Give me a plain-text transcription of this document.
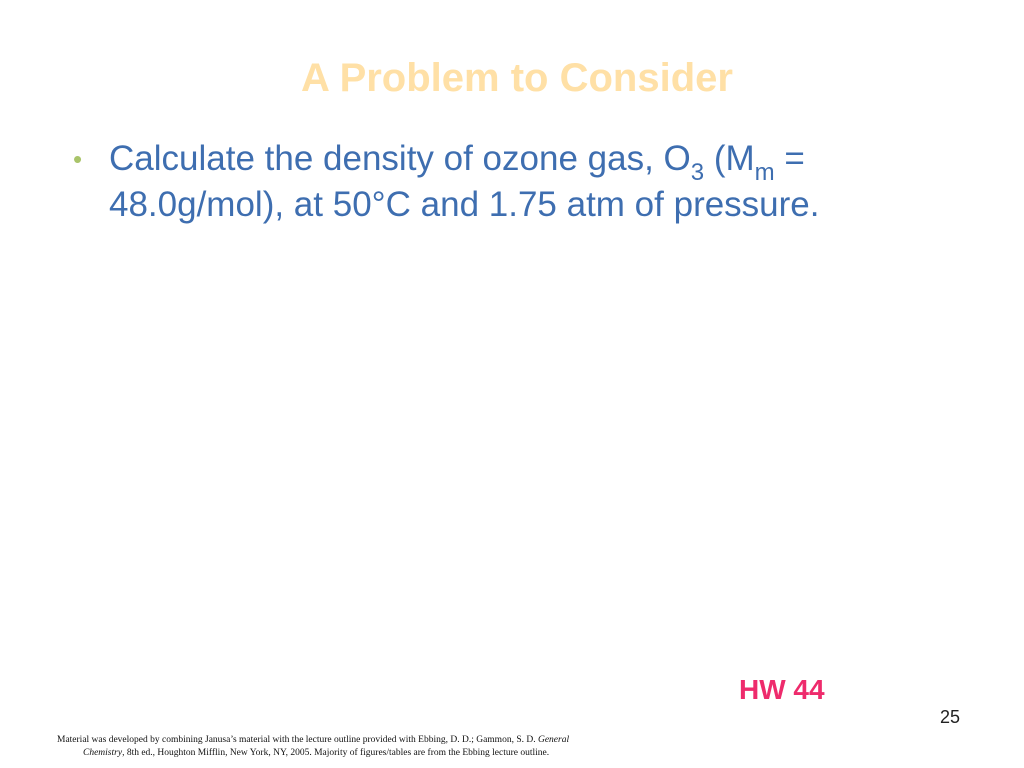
A Problem to Consider
• Calculate the density of ozone gas, $O_3$ ($M_m$ =
48.0g/mol), at 50°C and 1.75 atm of pressure.
HW 44
25
Material was developed by combining Janusa’s material with the lecture outline provided with Ebbing, D. D.; Gammon, S. D. General
Chemistry, 8th ed., Houghton Mifflin, New York, NY, 2005. Majority of figures/tables are from the Ebbing lecture outline.
